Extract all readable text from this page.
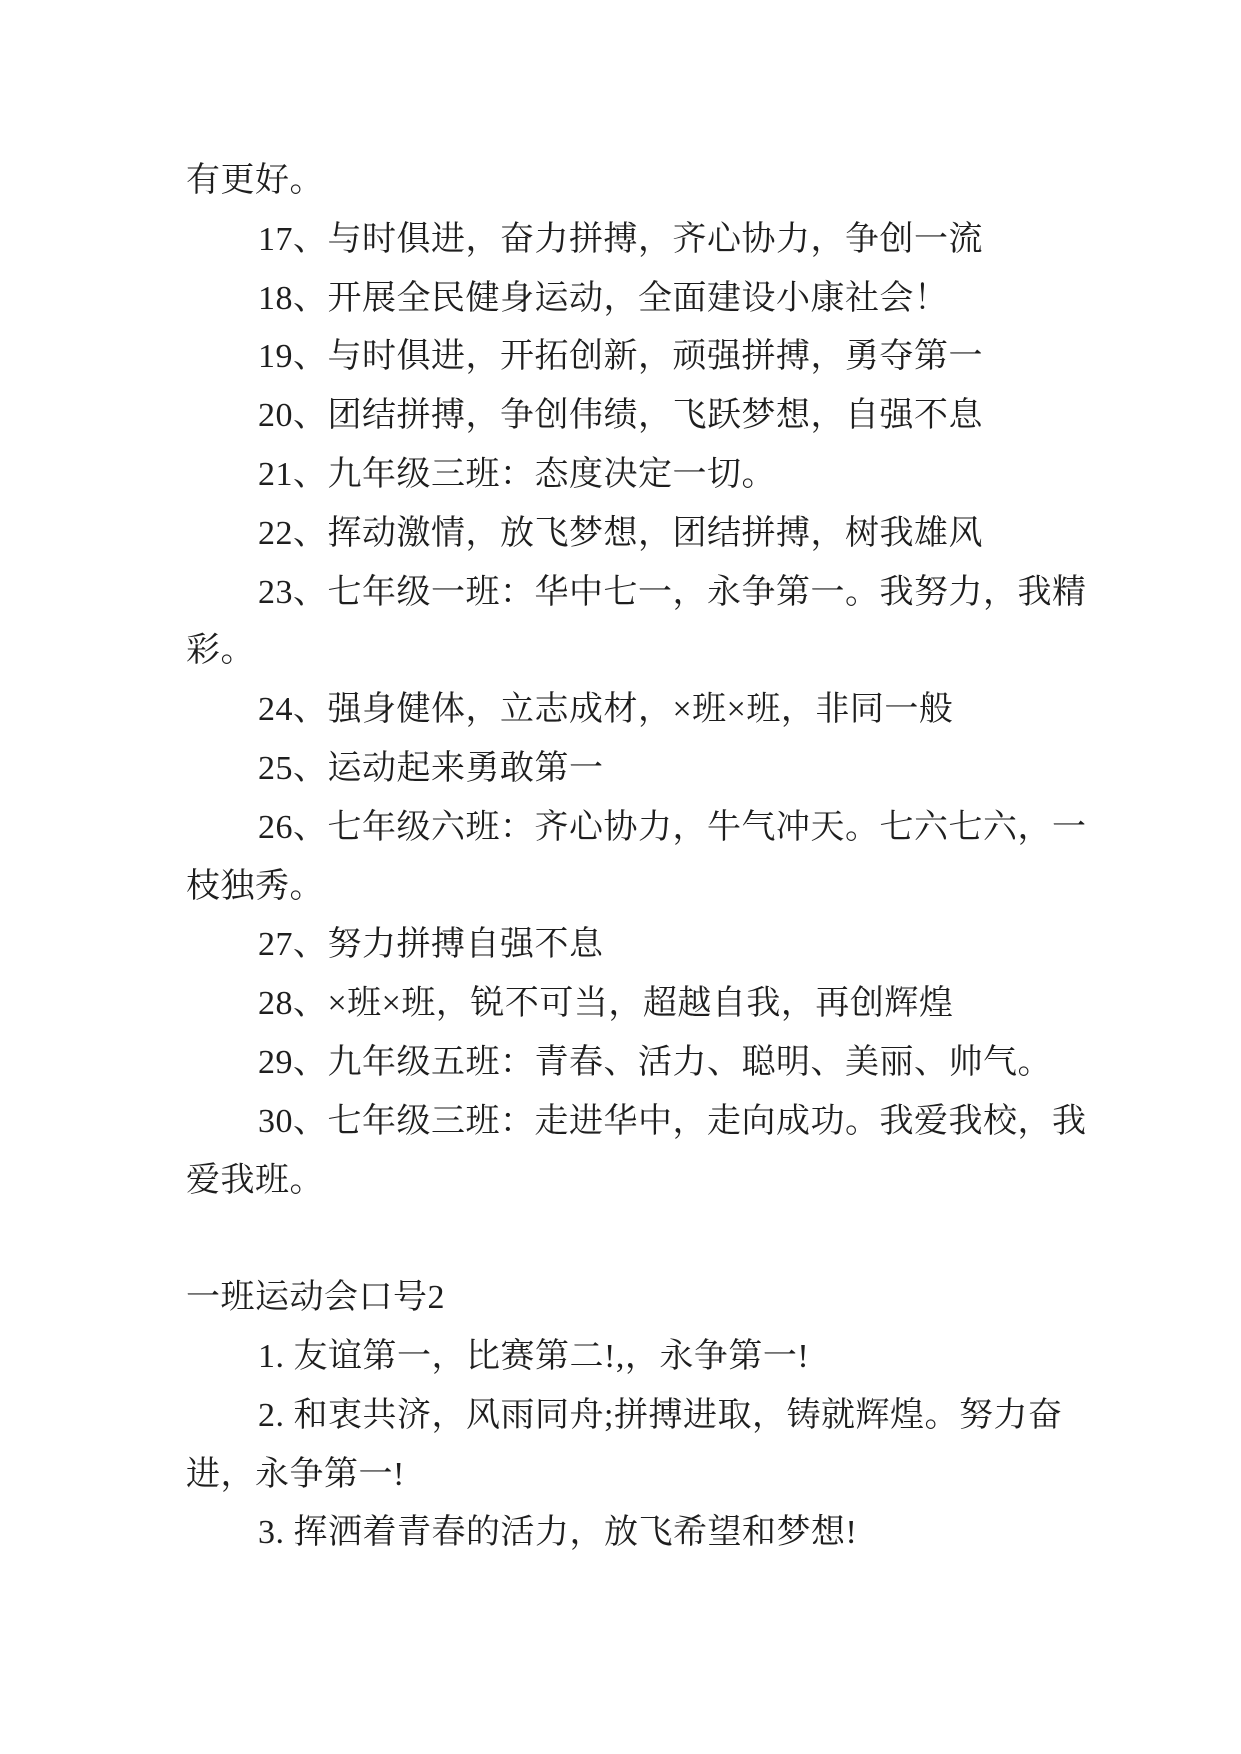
有更好。
17、与时俱进，奋力拼搏，齐心协力，争创一流
18、开展全民健身运动，全面建设小康社会！
19、与时俱进，开拓创新，顽强拼搏，勇夺第一
20、团结拼搏，争创伟绩，飞跃梦想，自强不息
21、九年级三班：态度决定一切。
22、挥动激情，放飞梦想，团结拼搏，树我雄风
23、七年级一班：华中七一，永争第一。我努力，我精
彩。
24、强身健体，立志成材，×班×班，非同一般
25、运动起来勇敢第一
26、七年级六班：齐心协力，牛气冲天。七六七六，一
枝独秀。
27、努力拼搏自强不息
28、×班×班，锐不可当，超越自我，再创辉煌
29、九年级五班：青春、活力、聪明、美丽、帅气。
30、七年级三班：走进华中，走向成功。我爱我校，我
爱我班。
一班运动会口号2
1. 友谊第一，比赛第二!,，永争第一!
2. 和衷共济，风雨同舟;拼搏进取，铸就辉煌。努力奋
进，永争第一!
3. 挥洒着青春的活力，放飞希望和梦想!
